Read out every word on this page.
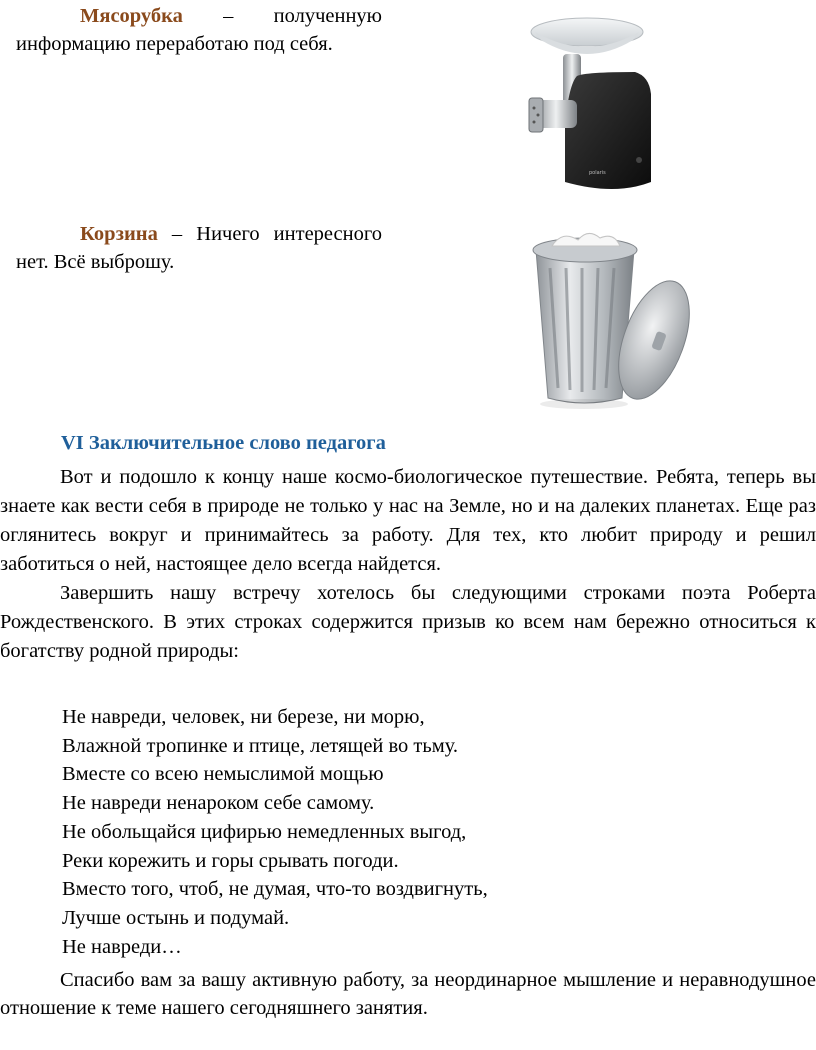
Мясорубка – полученную информацию переработаю под себя.

polaris

Корзина – Ничего интересного нет. Всё выброшу.

VI Заключительное слово педагога

Вот и подошло к концу наше космо-биологическое путешествие. Ребята, теперь вы знаете как вести себя в природе не только у нас на Земле, но и на далеких планетах. Еще раз оглянитесь вокруг и принимайтесь за работу. Для тех, кто любит природу и решил заботиться о ней, настоящее дело всегда найдется.

Завершить нашу встречу хотелось бы следующими строками поэта Роберта Рождественского. В этих строках содержится призыв ко всем нам бережно относиться к богатству родной природы:

Не навреди, человек, ни березе, ни морю,
Влажной тропинке и птице, летящей во тьму.
Вместе со всею немыслимой мощью
Не навреди ненароком себе самому.
Не обольщайся цифирью немедленных выгод,
Реки корежить и горы срывать погоди.
Вместо того, чтоб, не думая, что-то воздвигнуть,
Лучше остынь и подумай.
Не навреди…

Спасибо вам за вашу активную работу, за неординарное мышление и неравнодушное отношение к теме нашего сегодняшнего занятия.
